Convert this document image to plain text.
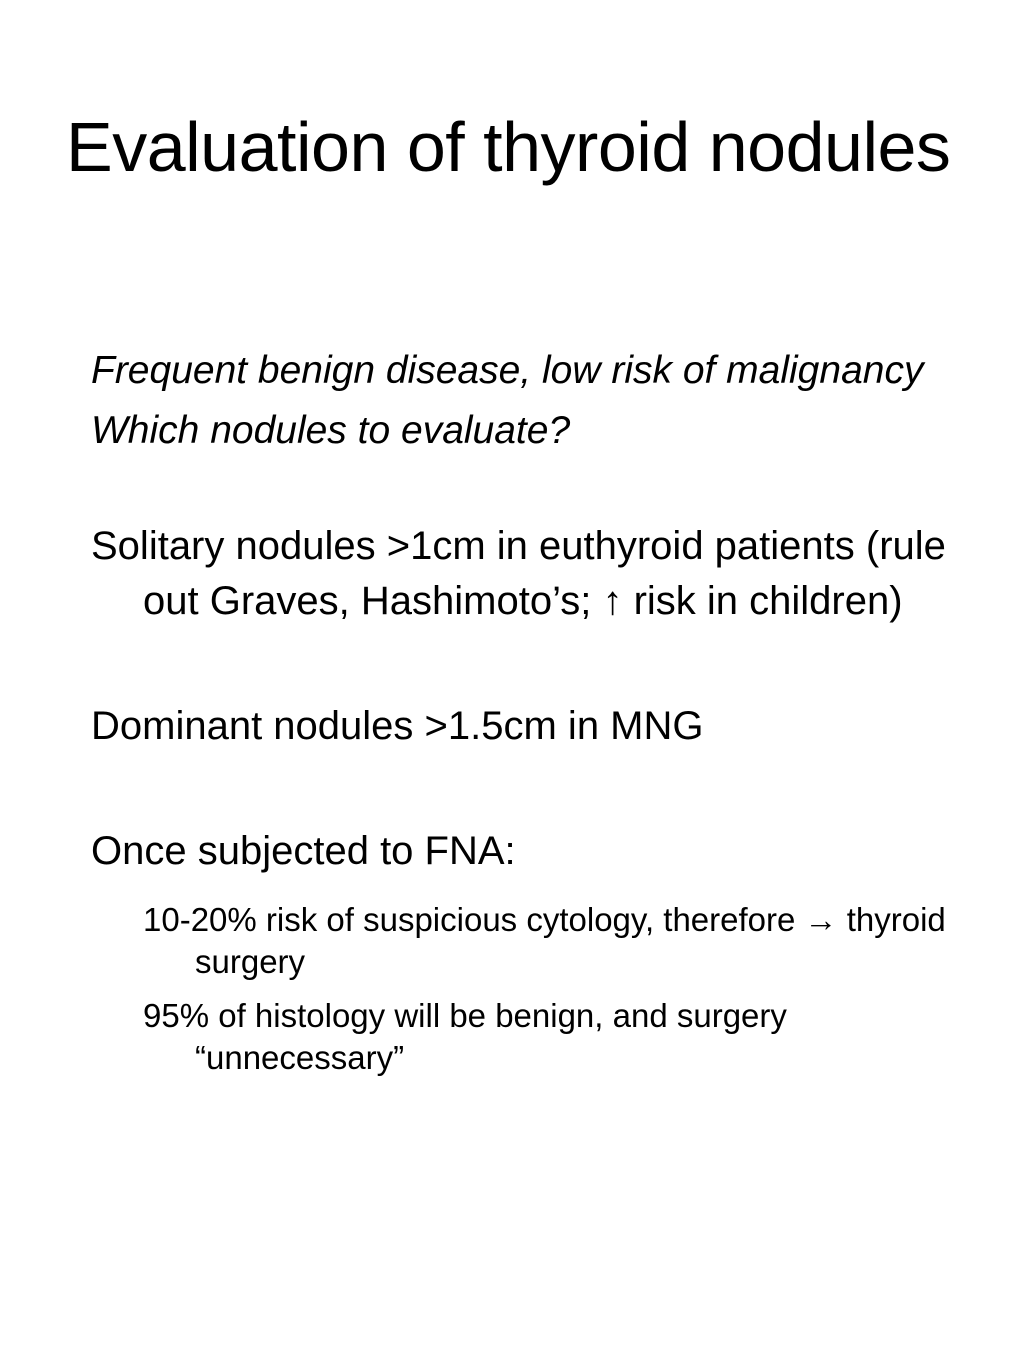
Evaluation of thyroid nodules

Frequent benign disease, low risk of malignancy

Which nodules to evaluate?

Solitary nodules >1cm in euthyroid patients (rule out Graves, Hashimoto’s; ↑ risk in children)

Dominant nodules >1.5cm in MNG

Once subjected to FNA:

10-20% risk of suspicious cytology, therefore → thyroid surgery
95% of histology will be benign, and surgery “unnecessary”
